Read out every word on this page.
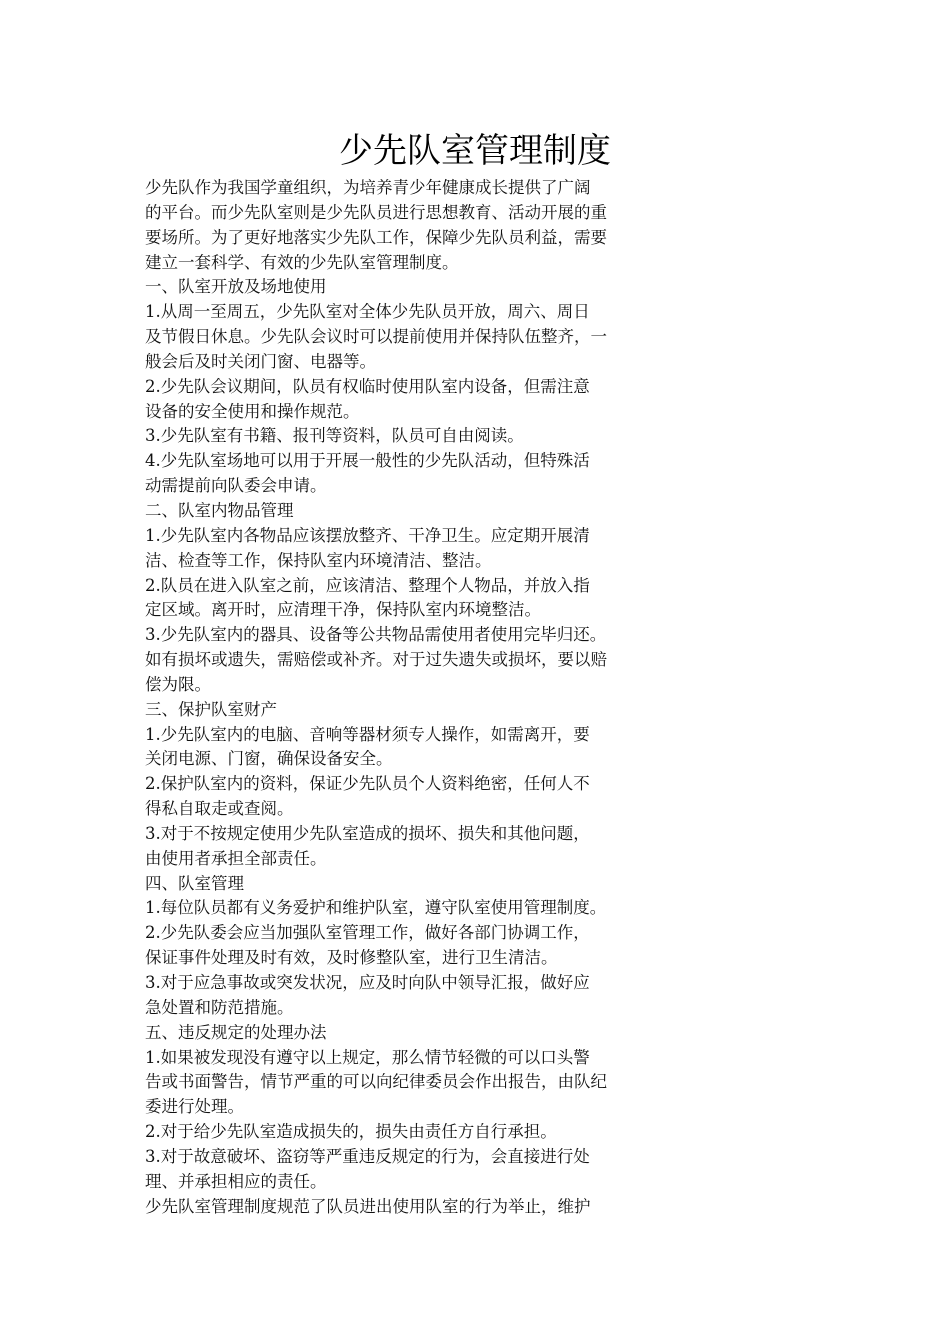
少先队室管理制度
少先队作为我国学童组织，为培养青少年健康成长提供了广阔
的平台。而少先队室则是少先队员进行思想教育、活动开展的重
要场所。为了更好地落实少先队工作，保障少先队员利益，需要
建立一套科学、有效的少先队室管理制度。
一、队室开放及场地使用
1.从周一至周五，少先队室对全体少先队员开放，周六、周日
及节假日休息。少先队会议时可以提前使用并保持队伍整齐，一
般会后及时关闭门窗、电器等。
2.少先队会议期间，队员有权临时使用队室内设备，但需注意
设备的安全使用和操作规范。
3.少先队室有书籍、报刊等资料，队员可自由阅读。
4.少先队室场地可以用于开展一般性的少先队活动，但特殊活
动需提前向队委会申请。
二、队室内物品管理
1.少先队室内各物品应该摆放整齐、干净卫生。应定期开展清
洁、检查等工作，保持队室内环境清洁、整洁。
2.队员在进入队室之前，应该清洁、整理个人物品，并放入指
定区域。离开时，应清理干净，保持队室内环境整洁。
3.少先队室内的器具、设备等公共物品需使用者使用完毕归还。
如有损坏或遗失，需赔偿或补齐。对于过失遗失或损坏，要以赔
偿为限。
三、保护队室财产
1.少先队室内的电脑、音响等器材须专人操作，如需离开，要
关闭电源、门窗，确保设备安全。
2.保护队室内的资料，保证少先队员个人资料绝密，任何人不
得私自取走或查阅。
3.对于不按规定使用少先队室造成的损坏、损失和其他问题，
由使用者承担全部责任。
四、队室管理
1.每位队员都有义务爱护和维护队室，遵守队室使用管理制度。
2.少先队委会应当加强队室管理工作，做好各部门协调工作，
保证事件处理及时有效，及时修整队室，进行卫生清洁。
3.对于应急事故或突发状况，应及时向队中领导汇报，做好应
急处置和防范措施。
五、违反规定的处理办法
1.如果被发现没有遵守以上规定，那么情节轻微的可以口头警
告或书面警告，情节严重的可以向纪律委员会作出报告，由队纪
委进行处理。
2.对于给少先队室造成损失的，损失由责任方自行承担。
3.对于故意破坏、盗窃等严重违反规定的行为，会直接进行处
理、并承担相应的责任。
少先队室管理制度规范了队员进出使用队室的行为举止，维护
